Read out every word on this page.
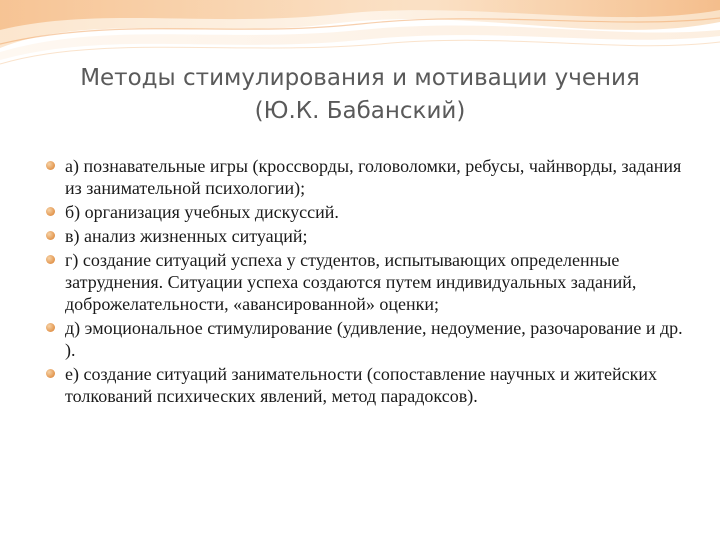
Методы стимулирования и мотивации учения
(Ю.К. Бабанский)
а) познавательные игры (кроссворды, головоломки, ребусы, чайнворды, задания из занимательной психологии);
б) организация учебных дискуссий.
в) анализ жизненных ситуаций;
г) создание ситуаций успеха у студентов, испытывающих определенные затруднения. Ситуации успеха создаются путем индивидуальных заданий, доброжелательности, «авансированной» оценки;
д) эмоциональное стимулирование (удивление, недоумение, разочарование и др. ).
е) создание ситуаций занимательности (сопоставление научных и житейских толкований психических явлений, метод парадоксов).
